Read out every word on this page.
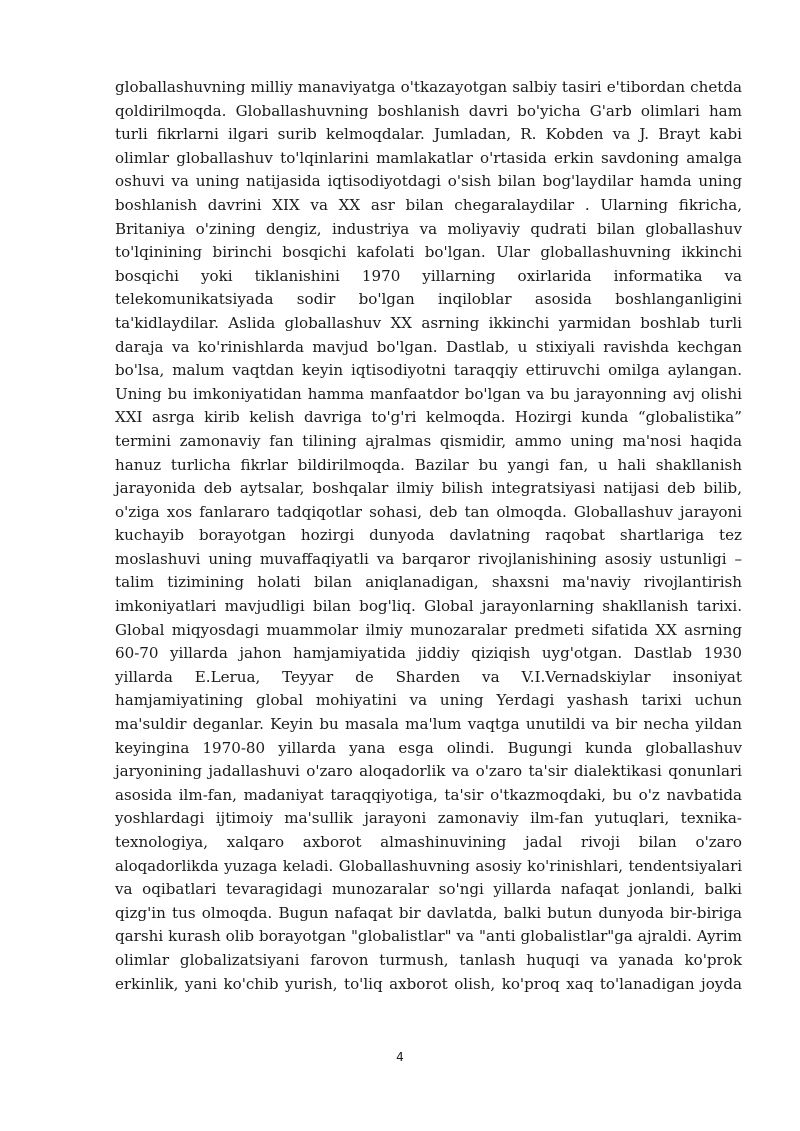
globallashuvning milliy manaviyatga o'tkazayotgan salbiy tasiri e'tibordan chetda
qoldirilmoqda. Globallashuvning boshlanish davri bo'yicha G'arb olimlari ham
turli fikrlarni ilgari surib kelmoqdalar. Jumladan, R. Kobden va J. Brayt kabi
olimlar globallashuv to'lqinlarini mamlakatlar o'rtasida erkin savdoning amalga
oshuvi va uning natijasida iqtisodiyotdagi o'sish bilan bog'laydilar hamda uning
boshlanish davrini XIX va XX asr bilan chegaralaydilar . Ularning fikricha,
Britaniya o'zining dengiz, industriya va moliyaviy qudrati bilan globallashuv
to'lqinining birinchi bosqichi kafolati bo'lgan. Ular globallashuvning ikkinchi
bosqichi yoki tiklanishini 1970 yillarning oxirlarida informatika va
telekomunikatsiyada sodir bo'lgan inqiloblar asosida boshlanganligini
ta'kidlaydilar. Aslida globallashuv XX asrning ikkinchi yarmidan boshlab turli
daraja va ko'rinishlarda mavjud bo'lgan. Dastlab, u stixiyali ravishda kechgan
bo'lsa, malum vaqtdan keyin iqtisodiyotni taraqqiy ettiruvchi omilga aylangan.
Uning bu imkoniyatidan hamma manfaatdor bo'lgan va bu jarayonning avj olishi
XXI asrga kirib kelish davriga to'g'ri kelmoqda. Hozirgi kunda “globalistika”
termini zamonaviy fan tilining ajralmas qismidir, ammo uning ma'nosi haqida
hanuz turlicha fikrlar bildirilmoqda. Bazilar bu yangi fan, u hali shakllanish
jarayonida deb aytsalar, boshqalar ilmiy bilish integratsiyasi natijasi deb bilib,
o'ziga xos fanlararo tadqiqotlar sohasi, deb tan olmoqda. Globallashuv jarayoni
kuchayib borayotgan hozirgi dunyoda davlatning raqobat shartlariga tez
moslashuvi uning muvaffaqiyatli va barqaror rivojlanishining asosiy ustunligi –
talim tizimining holati bilan aniqlanadigan, shaxsni ma'naviy rivojlantirish
imkoniyatlari mavjudligi bilan bog'liq. Global jarayonlarning shakllanish tarixi.
Global miqyosdagi muammolar ilmiy munozaralar predmeti sifatida XX asrning
60-70 yillarda jahon hamjamiyatida jiddiy qiziqish uyg'otgan. Dastlab 1930
yillarda E.Lerua, Teyyar de Sharden va V.I.Vernadskiylar insoniyat
hamjamiyatining global mohiyatini va uning Yerdagi yashash tarixi uchun
ma'suldir deganlar. Keyin bu masala ma'lum vaqtga unutildi va bir necha yildan
keyingina 1970-80 yillarda yana esga olindi. Bugungi kunda globallashuv
jaryonining jadallashuvi o'zaro aloqadorlik va o'zaro ta'sir dialektikasi qonunlari
asosida ilm-fan, madaniyat taraqqiyotiga, ta'sir o'tkazmoqdaki, bu o'z navbatida
yoshlardagi ijtimoiy ma'sullik jarayoni zamonaviy ilm-fan yutuqlari, texnika-
texnologiya, xalqaro axborot almashinuvining jadal rivoji bilan o'zaro
aloqadorlikda yuzaga keladi. Globallashuvning asosiy ko'rinishlari, tendentsiyalari
va oqibatlari tevaragidagi munozaralar so'ngi yillarda nafaqat jonlandi, balki
qizg'in tus olmoqda. Bugun nafaqat bir davlatda, balki butun dunyoda bir-biriga
qarshi kurash olib borayotgan "globalistlar" va "anti globalistlar"ga ajraldi. Ayrim
olimlar globalizatsiyani farovon turmush, tanlash huquqi va yanada ko'prok
erkinlik, yani ko'chib yurish, to'liq axborot olish, ko'proq xaq to'lanadigan joyda
4
